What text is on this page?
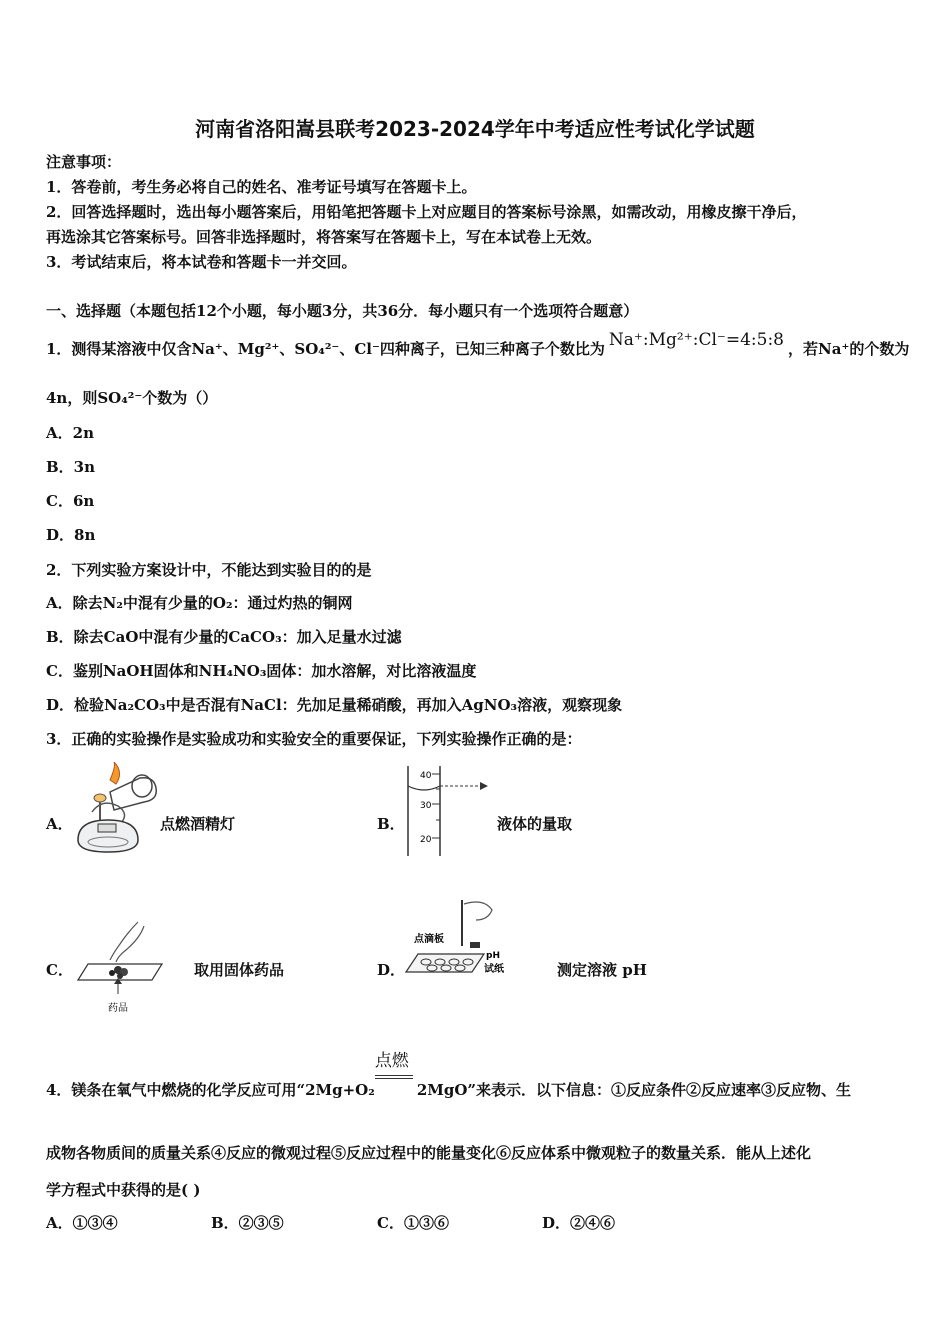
河南省洛阳嵩县联考2023-2024学年中考适应性考试化学试题
注意事项：
1．答卷前，考生务必将自己的姓名、准考证号填写在答题卡上。
2．回答选择题时，选出每小题答案后，用铅笔把答题卡上对应题目的答案标号涂黑，如需改动，用橡皮擦干净后，
再选涂其它答案标号。回答非选择题时，将答案写在答题卡上，写在本试卷上无效。
3．考试结束后，将本试卷和答题卡一并交回。
一、选择题（本题包括12个小题，每小题3分，共36分．每小题只有一个选项符合题意）
1．测得某溶液中仅含Na⁺、Mg²⁺、SO₄²⁻、Cl⁻四种离子，已知三种离子个数比为 Na⁺:Mg²⁺:Cl⁻=4:5:8 ，若Na⁺的个数为
4n，则SO₄²⁻个数为（）
A．2n
B．3n
C．6n
D．8n
2．下列实验方案设计中，不能达到实验目的的是
A．除去N₂中混有少量的O₂：通过灼热的铜网
B．除去CaO中混有少量的CaCO₃：加入足量水过滤
C．鉴别NaOH固体和NH₄NO₃固体：加水溶解，对比溶液温度
D．检验Na₂CO₃中是否混有NaCl：先加足量稀硝酸，再加入AgNO₃溶液，观察现象
3．正确的实验操作是实验成功和实验安全的重要保证，下列实验操作正确的是：
A．	点燃酒精灯	B．
40
30
20
液体的量取
C．
药品
取用固体药品	D．
点滴板
pH
试纸	测定溶液 pH
4．镁条在氧气中燃烧的化学反应可用“2Mg+O₂
点燃
2MgO”来表示．以下信息：①反应条件②反应速率③反应物、生
成物各物质间的质量关系④反应的微观过程⑤反应过程中的能量变化⑥反应体系中微观粒子的数量关系．能从上述化
学方程式中获得的是( )
A．①③④	B．②③⑤	C．①③⑥	D．②④⑥
